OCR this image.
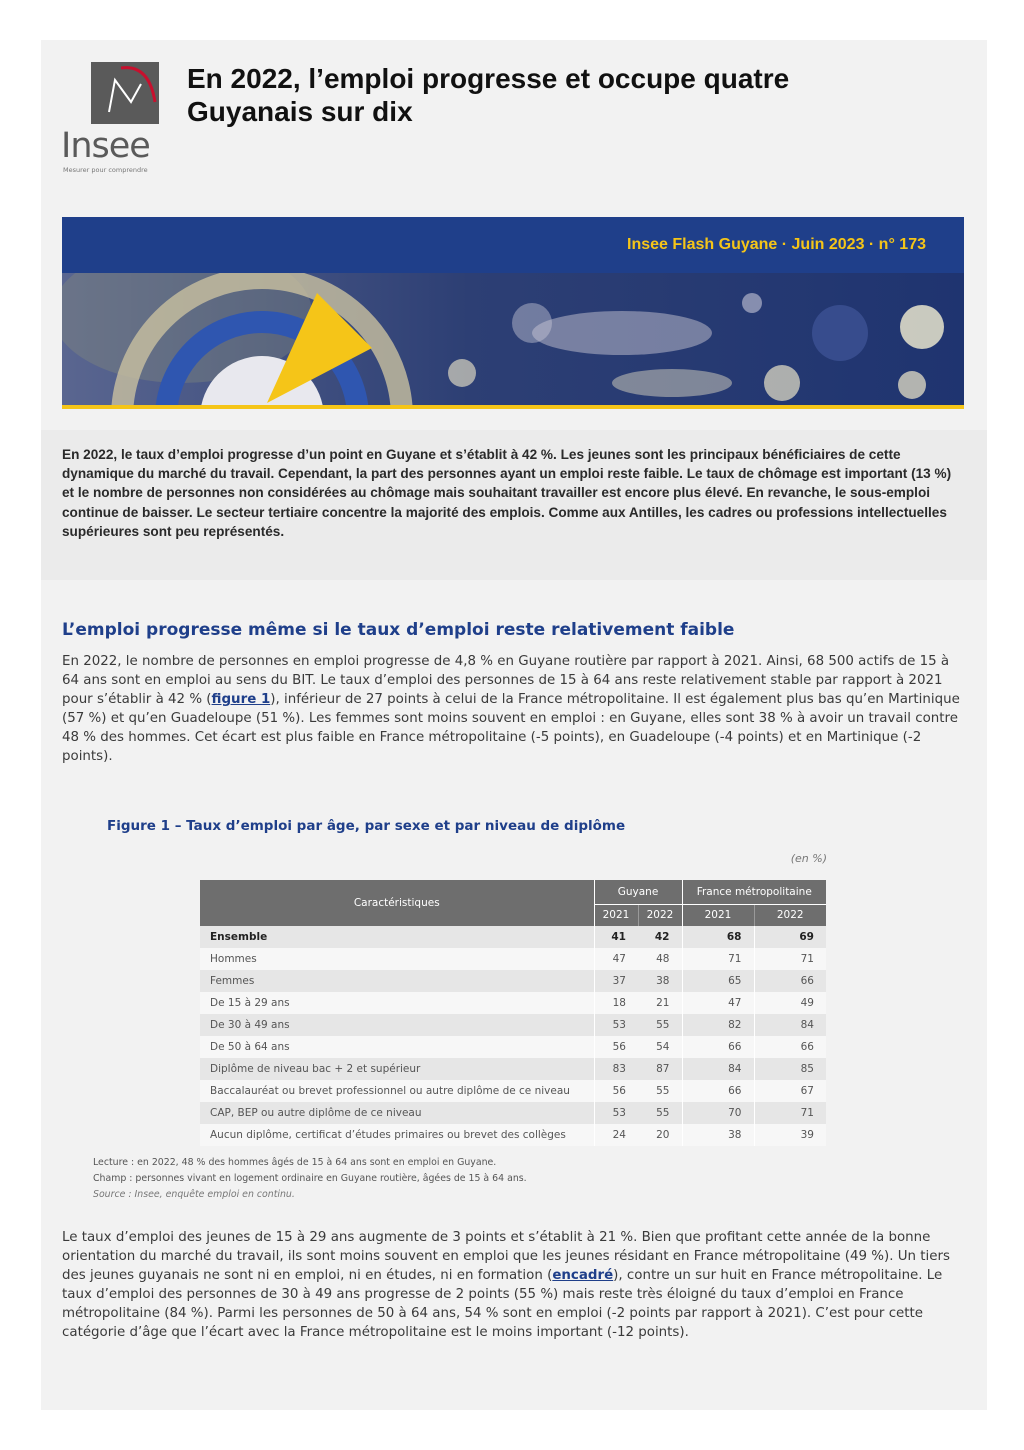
Insee
Mesurer pour comprendre
En 2022, l’emploi progresse et occupe quatre Guyanais sur dix
Insee Flash Guyane · Juin 2023 · n° 173

En 2022, le taux d’emploi progresse d’un point en Guyane et s’établit à 42 %. Les jeunes sont les principaux bénéficiaires de cette dynamique du marché du travail. Cependant, la part des personnes ayant un emploi reste faible. Le taux de chômage est important (13 %) et le nombre de personnes non considérées au chômage mais souhaitant travailler est encore plus élevé. En revanche, le sous-emploi continue de baisser. Le secteur tertiaire concentre la majorité des emplois. Comme aux Antilles, les cadres ou professions intellectuelles supérieures sont peu représentés.

L’emploi progresse même si le taux d’emploi reste relativement faible

En 2022, le nombre de personnes en emploi progresse de 4,8 % en Guyane routière par rapport à 2021. Ainsi, 68 500 actifs de 15 à 64 ans sont en emploi au sens du BIT. Le taux d’emploi des personnes de 15 à 64 ans reste relativement stable par rapport à 2021 pour s’établir à 42 % (figure 1), inférieur de 27 points à celui de la France métropolitaine. Il est également plus bas qu’en Martinique (57 %) et qu’en Guadeloupe (51 %). Les femmes sont moins souvent en emploi : en Guyane, elles sont 38 % à avoir un travail contre 48 % des hommes. Cet écart est plus faible en France métropolitaine (-5 points), en Guadeloupe (-4 points) et en Martinique (-2 points).

Figure 1 – Taux d’emploi par âge, par sexe et par niveau de diplôme
(en %)
Caractéristiques	Guyane		France métropolitaine	
	2021	2022	2021	2022
Ensemble	41	42	68	69
Hommes	47	48	71	71
Femmes	37	38	65	66
De 15 à 29 ans	18	21	47	49
De 30 à 49 ans	53	55	82	84
De 50 à 64 ans	56	54	66	66
Diplôme de niveau bac + 2 et supérieur	83	87	84	85
Baccalauréat ou brevet professionnel ou autre diplôme de ce niveau	56	55	66	67
CAP, BEP ou autre diplôme de ce niveau	53	55	70	71
Aucun diplôme, certificat d’études primaires ou brevet des collèges	24	20	38	39
Lecture : en 2022, 48 % des hommes âgés de 15 à 64 ans sont en emploi en Guyane.
Champ : personnes vivant en logement ordinaire en Guyane routière, âgées de 15 à 64 ans.
Source : Insee, enquête emploi en continu.

Le taux d’emploi des jeunes de 15 à 29 ans augmente de 3 points et s’établit à 21 %. Bien que profitant cette année de la bonne orientation du marché du travail, ils sont moins souvent en emploi que les jeunes résidant en France métropolitaine (49 %). Un tiers des jeunes guyanais ne sont ni en emploi, ni en études, ni en formation (encadré), contre un sur huit en France métropolitaine. Le taux d’emploi des personnes de 30 à 49 ans progresse de 2 points (55 %) mais reste très éloigné du taux d’emploi en France métropolitaine (84 %). Parmi les personnes de 50 à 64 ans, 54 % sont en emploi (-2 points par rapport à 2021). C’est pour cette catégorie d’âge que l’écart avec la France métropolitaine est le moins important (-12 points).
